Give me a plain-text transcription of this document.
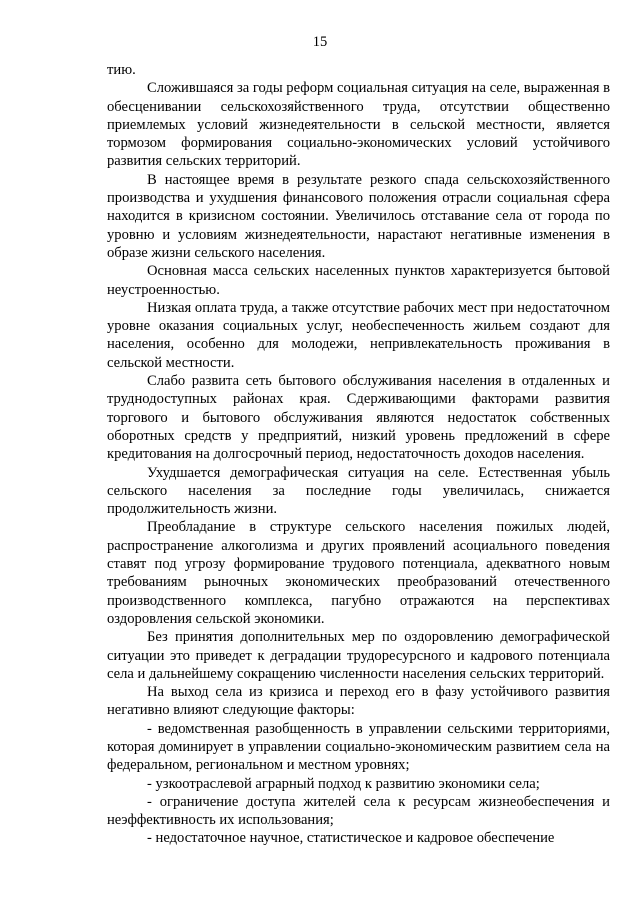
15

тию.

Сложившаяся за годы реформ социальная ситуация на селе, выраженная в обесценивании сельскохозяйственного труда, отсутствии общественно приемлемых условий жизнедеятельности в сельской местности, является тормозом формирования социально-экономических условий устойчивого развития сельских территорий.

В настоящее время в результате резкого спада сельскохозяйственного производства и ухудшения финансового положения отрасли социальная сфера находится в кризисном состоянии. Увеличилось отставание села от города по уровню и условиям жизнедеятельности, нарастают негативные изменения в образе жизни сельского населения.

Основная масса сельских населенных пунктов характеризуется бытовой неустроенностью.

Низкая оплата труда, а также отсутствие рабочих мест при недостаточном уровне оказания социальных услуг, необеспеченность жильем создают для населения, особенно для молодежи, непривлекательность проживания в сельской местности.

Слабо развита сеть бытового обслуживания населения в отдаленных и труднодоступных районах края. Сдерживающими факторами развития торгового и бытового обслуживания являются недостаток собственных оборотных средств у предприятий, низкий уровень предложений в сфере кредитования на долгосрочный период, недостаточность доходов населения.

Ухудшается демографическая ситуация на селе. Естественная убыль сельского населения за последние годы увеличилась, снижается продолжительность жизни.

Преобладание в структуре сельского населения пожилых людей, распространение алкоголизма и других проявлений асоциального поведения ставят под угрозу формирование трудового потенциала, адекватного новым требованиям рыночных экономических преобразований отечественного производственного комплекса, пагубно отражаются на перспективах оздоровления сельской экономики.

Без принятия дополнительных мер по оздоровлению демографической ситуации это приведет к деградации трудоресурсного и кадрового потенциала села и дальнейшему сокращению численности населения сельских территорий.

На выход села из кризиса и переход его в фазу устойчивого развития негативно влияют следующие факторы:

- ведомственная разобщенность в управлении сельскими территориями, которая доминирует в управлении социально-экономическим развитием села на федеральном, региональном и местном уровнях;

- узкоотраслевой аграрный подход к развитию экономики села;

- ограничение доступа жителей села к ресурсам жизнеобеспечения и неэффективность их использования;

- недостаточное научное, статистическое и кадровое обеспечение
